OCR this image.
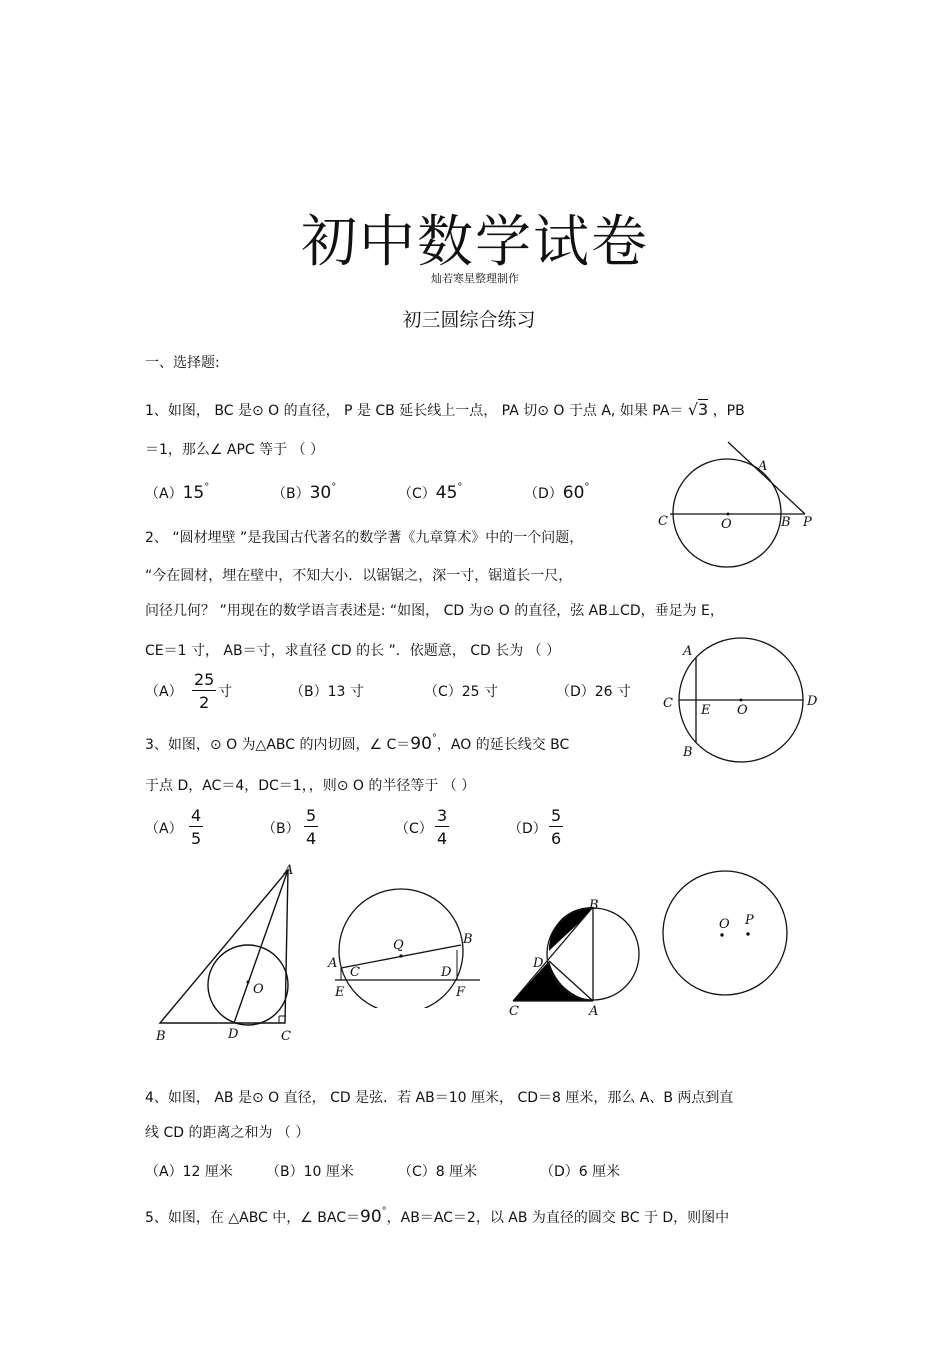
初中数学试卷
灿若寒星整理制作
初三圆综合练习
一、选择题:
1、如图， BC 是⊙ O 的直径， P 是 CB 延长线上一点， PA 切⊙ O 于点 A, 如果 PA＝ √3 ，PB
＝1，那么∠ APC 等于 （ ）
（A）15°	（B）30°	（C）45°	（D）60°
A
C	O	B P
2、 “圆材埋壁 ”是我国古代著名的数学蓍《九章算术》中的一个问题，
“今在圆材，埋在壁中，不知大小．以锯锯之，深一寸，锯道长一尺，
问径几何？ ”用现在的数学语言表述是: “如图， CD 为⊙ O 的直径，弦 AB⊥CD，垂足为 E，
CE＝1 寸， AB＝寸，求直径 CD 的长 ”．依题意， CD 长为 （ ）
$(A) \frac{25}{2}$ 寸	（B）13 寸	（C）25 寸	（D）26 寸
A
C E O
D
B
3、如图，⊙ O 为△ABC 的内切圆，∠ C＝90°，AO 的延长线交 BC
于点 D，AC＝4，DC＝1，，则⊙ O 的半径等于 （ ）
$(A) \frac{4}{5}$	$(B) \frac{5}{4}$	$(C) \frac{3}{4}$	$(D) \frac{5}{6}$
A
O
B	D	C
Q	B
A
C	D
E	F
B
D
C	A
O P
4、如图， AB 是⊙ O 直径， CD 是弦．若 AB＝10 厘米， CD＝8 厘米，那么 A、B 两点到直
线 CD 的距离之和为 （ ）
（A）12 厘米 （B）10 厘米	（C）8 厘米	（D）6 厘米
5、如图，在 △ABC 中，∠ BAC＝90°，AB＝AC＝2，以 AB 为直径的圆交 BC 于 D，则图中
